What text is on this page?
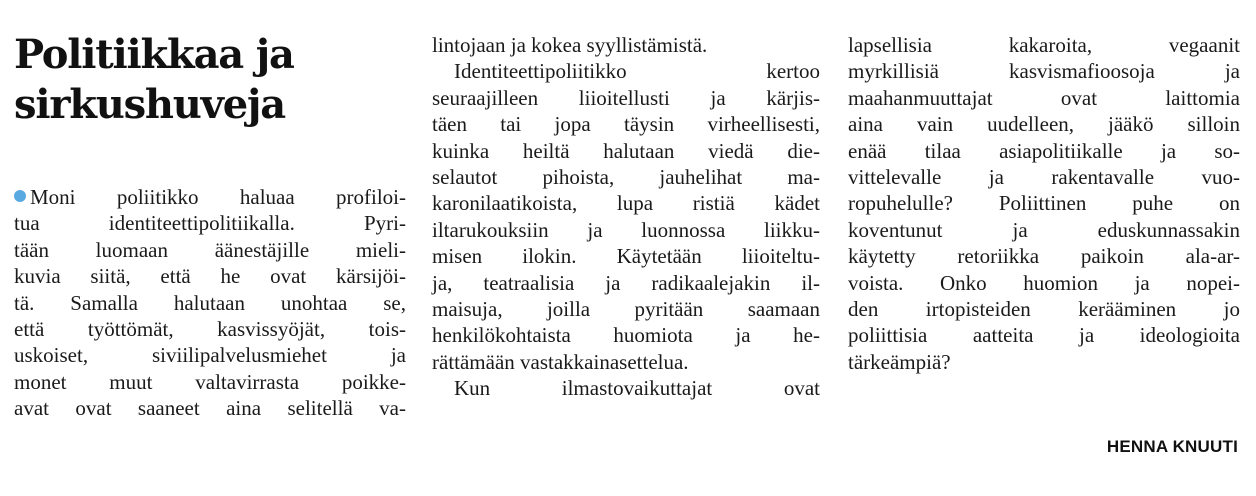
Politiikkaa ja
sirkushuveja
Moni poliitikko haluaa profiloi-
tua identiteettipolitiikalla. Pyri-
tään luomaan äänestäjille mieli-
kuvia siitä, että he ovat kärsijöi-
tä. Samalla halutaan unohtaa se,
että työttömät, kasvissyöjät, tois-
uskoiset, siviilipalvelusmiehet ja
monet muut valtavirrasta poikke-
avat ovat saaneet aina selitellä va-
lintojaan ja kokea syyllistämistä.
Identiteettipoliitikko kertoo
seuraajilleen liioitellusti ja kärjis-
täen tai jopa täysin virheellisesti,
kuinka heiltä halutaan viedä die-
selautot pihoista, jauhelihat ma-
karonilaatikoista, lupa ristiä kädet
iltarukouksiin ja luonnossa liikku-
misen ilokin. Käytetään liioiteltu-
ja, teatraalisia ja radikaalejakin il-
maisuja, joilla pyritään saamaan
henkilökohtaista huomiota ja he-
rättämään vastakkainasettelua.
Kun ilmastovaikuttajat ovat
lapsellisia kakaroita, vegaanit
myrkillisiä kasvismafioosoja ja
maahanmuuttajat ovat laittomia
aina vain uudelleen, jääkö silloin
enää tilaa asiapolitiikalle ja so-
vittelevalle ja rakentavalle vuo-
ropuhelulle? Poliittinen puhe on
koventunut ja eduskunnassakin
käytetty retoriikka paikoin ala-ar-
voista. Onko huomion ja nopei-
den irtopisteiden kerääminen jo
poliittisia aatteita ja ideologioita
tärkeämpiä?
HENNA KNUUTI
